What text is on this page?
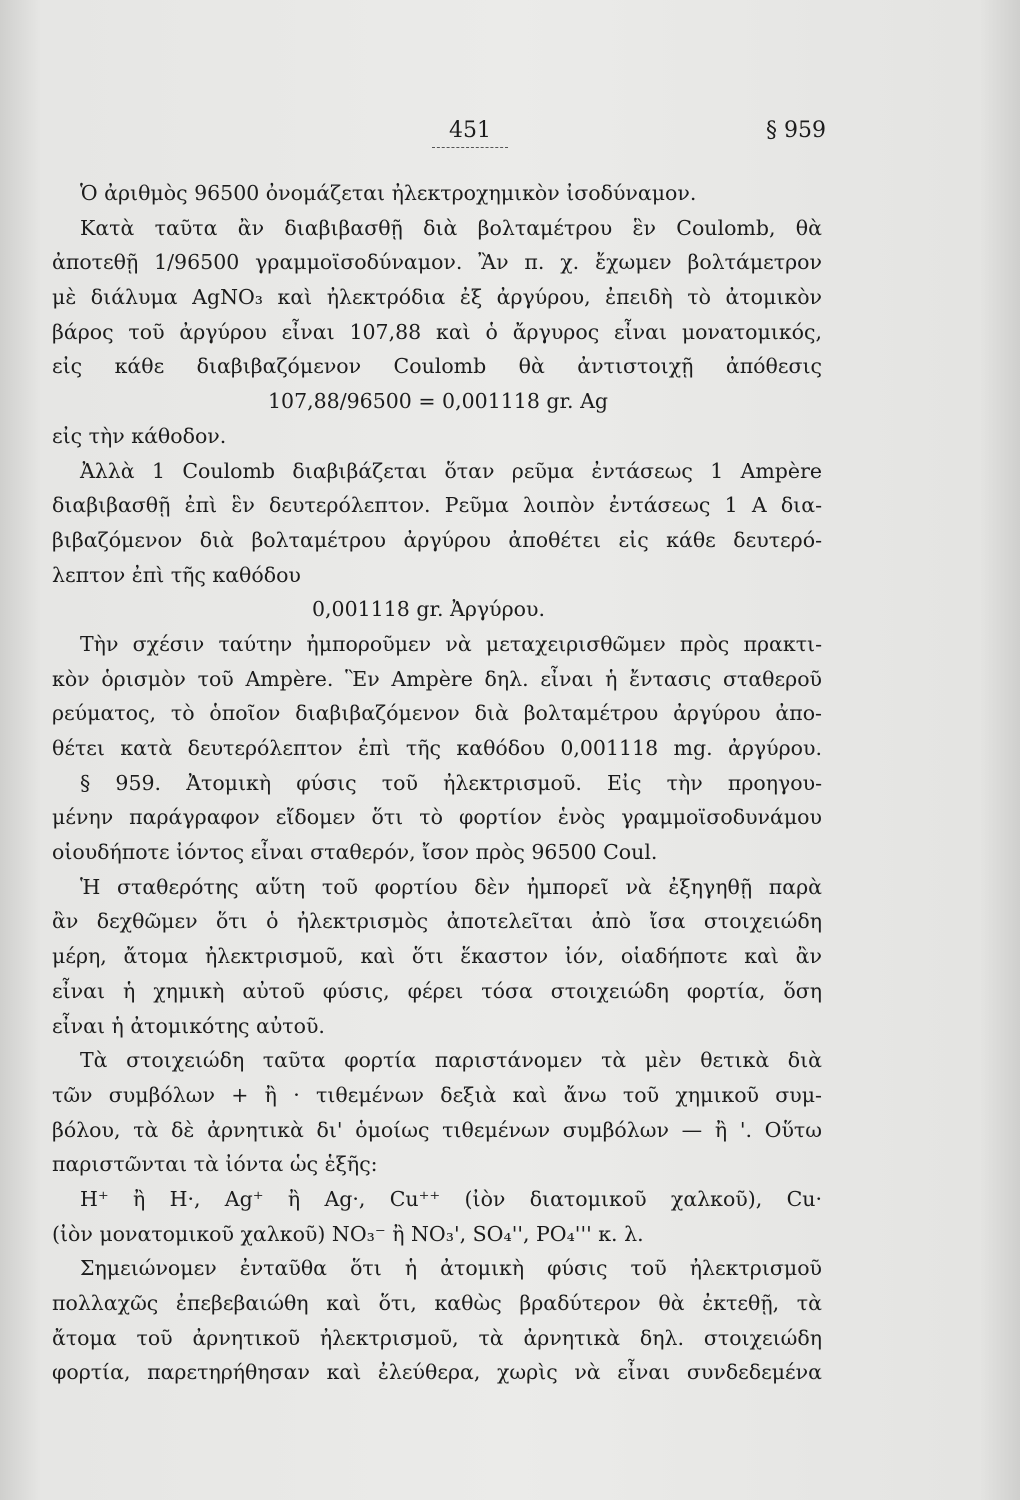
451	§ 959
Ὁ ἀριθμὸς 96500 ὀνομάζεται ἠλεκτροχημικὸν ἰσοδύναμον.
Κατὰ ταῦτα ἂν διαβιβασθῇ διὰ βολταμέτρου ἓν Coulomb, θὰ
ἀποτεθῇ 1/96500 γραμμοϊσοδύναμον. Ἂν π. χ. ἔχωμεν βολτάμετρον
μὲ διάλυμα AgNO₃ καὶ ἠλεκτρόδια ἐξ ἀργύρου, ἐπειδὴ τὸ ἀτομικὸν
βάρος τοῦ ἀργύρου εἶναι 107,88 καὶ ὁ ἄργυρος εἶναι μονατομικός,
εἰς κάθε διαβιβαζόμενον Coulomb θὰ ἀντιστοιχῇ ἀπόθεσις
107,88/96500 = 0,001118 gr. Ag
εἰς τὴν κάθοδον.
Ἀλλὰ 1 Coulomb διαβιβάζεται ὅταν ρεῦμα ἐντάσεως 1 Ampère
διαβιβασθῇ ἐπὶ ἓν δευτερόλεπτον. Ρεῦμα λοιπὸν ἐντάσεως 1 Α δια-
βιβαζόμενον διὰ βολταμέτρου ἀργύρου ἀποθέτει εἰς κάθε δευτερό-
λεπτον ἐπὶ τῆς καθόδου
0,001118 gr. Ἀργύρου.
Τὴν σχέσιν ταύτην ἠμποροῦμεν νὰ μεταχειρισθῶμεν πρὸς πρακτι-
κὸν ὁρισμὸν τοῦ Ampère. Ἓν Ampère δηλ. εἶναι ἡ ἔντασις σταθεροῦ
ρεύματος, τὸ ὁποῖον διαβιβαζόμενον διὰ βολταμέτρου ἀργύρου ἀπο-
θέτει κατὰ δευτερόλεπτον ἐπὶ τῆς καθόδου 0,001118 mg. ἀργύρου.
§ 959. Ἀτομικὴ φύσις τοῦ ἠλεκτρισμοῦ. Εἰς τὴν προηγου-
μένην παράγραφον εἴδομεν ὅτι τὸ φορτίον ἑνὸς γραμμοϊσοδυνάμου
οἱουδήποτε ἰόντος εἶναι σταθερόν, ἴσον πρὸς 96500 Coul.
Ἡ σταθερότης αὕτη τοῦ φορτίου δὲν ἠμπορεῖ νὰ ἐξηγηθῇ παρὰ
ἂν δεχθῶμεν ὅτι ὁ ἠλεκτρισμὸς ἀποτελεῖται ἀπὸ ἴσα στοιχειώδη
μέρη, ἄτομα ἠλεκτρισμοῦ, καὶ ὅτι ἕκαστον ἰόν, οἱαδήποτε καὶ ἂν
εἶναι ἡ χημικὴ αὐτοῦ φύσις, φέρει τόσα στοιχειώδη φορτία, ὅση
εἶναι ἡ ἀτομικότης αὐτοῦ.
Τὰ στοιχειώδη ταῦτα φορτία παριστάνομεν τὰ μὲν θετικὰ διὰ
τῶν συμβόλων + ἢ · τιθεμένων δεξιὰ καὶ ἄνω τοῦ χημικοῦ συμ-
βόλου, τὰ δὲ ἀρνητικὰ δι' ὁμοίως τιθεμένων συμβόλων — ἢ '. Οὕτω
παριστῶνται τὰ ἰόντα ὡς ἑξῆς:
H⁺ ἢ H·, Ag⁺ ἢ Ag·, Cu⁺⁺ (ἰὸν διατομικοῦ χαλκοῦ), Cu·
(ἰὸν μονατομικοῦ χαλκοῦ) NO₃⁻ ἢ NO₃', SO₄'', PO₄''' κ. λ.
Σημειώνομεν ἐνταῦθα ὅτι ἡ ἀτομικὴ φύσις τοῦ ἠλεκτρισμοῦ
πολλαχῶς ἐπεβεβαιώθη καὶ ὅτι, καθὼς βραδύτερον θὰ ἐκτεθῇ, τὰ
ἄτομα τοῦ ἀρνητικοῦ ἠλεκτρισμοῦ, τὰ ἀρνητικὰ δηλ. στοιχειώδη
φορτία, παρετηρήθησαν καὶ ἐλεύθερα, χωρὶς νὰ εἶναι συνδεδεμένα
